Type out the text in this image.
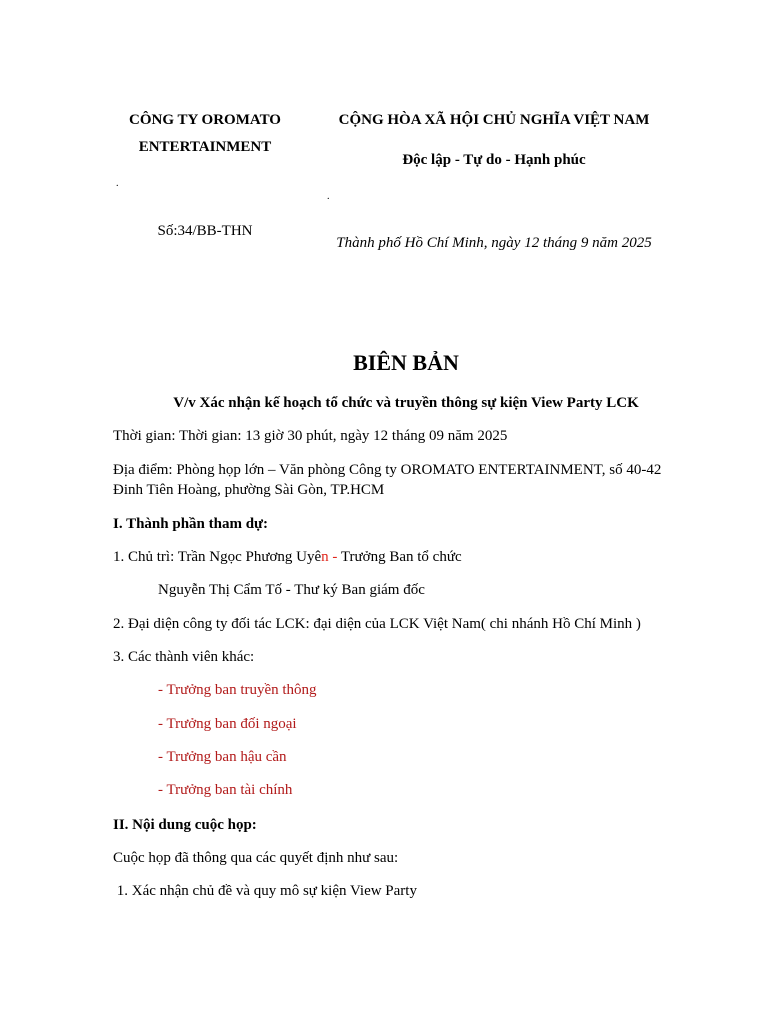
CÔNG TY OROMATO
ENTERTAINMENT
.
Số:34/BB-THN
CỘNG HÒA XÃ HỘI CHỦ NGHĨA VIỆT NAM
Độc lập - Tự do - Hạnh phúc
.
Thành phố Hồ Chí Minh, ngày 12 tháng 9 năm 2025
BIÊN BẢN
V/v Xác nhận kế hoạch tổ chức và truyền thông sự kiện View Party LCK
Thời gian: Thời gian: 13 giờ 30 phút, ngày 12 tháng 09 năm 2025
Địa điểm: Phòng họp lớn – Văn phòng Công ty OROMATO ENTERTAINMENT, số 40-42
Đinh Tiên Hoàng, phường Sài Gòn, TP.HCM
I. Thành phần tham dự:
1. Chủ trì: Trần Ngọc Phương Uyên - Trưởng Ban tổ chức
Nguyễn Thị Cẩm Tố - Thư ký Ban giám đốc
2. Đại diện công ty đối tác LCK: đại diện của LCK Việt Nam( chi nhánh Hồ Chí Minh )
3. Các thành viên khác:
- Trưởng ban truyền thông
- Trưởng ban đối ngoại
- Trưởng ban hậu cần
- Trưởng ban tài chính
II. Nội dung cuộc họp:
Cuộc họp đã thông qua các quyết định như sau:
1. Xác nhận chủ đề và quy mô sự kiện View Party
